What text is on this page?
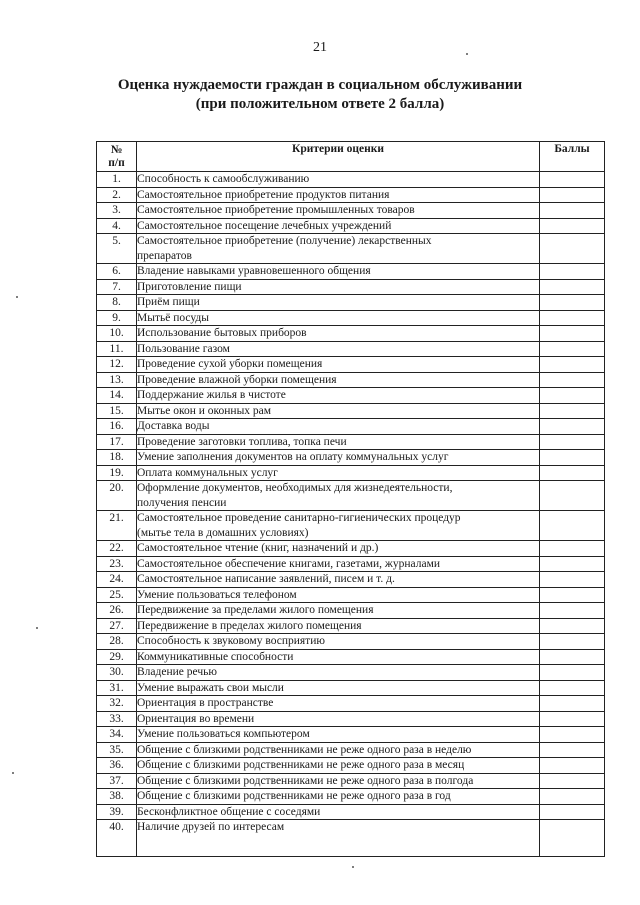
21
Оценка нуждаемости граждан в социальном обслуживании
(при положительном ответе 2 балла)
№
п/п	Критерии оценки	Баллы
1.	Способность к самообслуживанию	

2.	Самостоятельное приобретение продуктов питания	

3.	Самостоятельное приобретение промышленных товаров	

4.	Самостоятельное посещение лечебных учреждений	

5.	Самостоятельное приобретение (получение) лекарственных
препаратов	

6.	Владение навыками уравновешенного общения	

7.	Приготовление пищи	

8.	Приём пищи	

9.	Мытьё посуды	

10.	Использование бытовых приборов	

11.	Пользование газом	

12.	Проведение сухой уборки помещения	

13.	Проведение влажной уборки помещения	

14.	Поддержание жилья в чистоте	

15.	Мытье окон и оконных рам	

16.	Доставка воды	

17.	Проведение заготовки топлива, топка печи	

18.	Умение заполнения документов на оплату коммунальных услуг	

19.	Оплата коммунальных услуг	

20.	Оформление документов, необходимых для жизнедеятельности,
получения пенсии	

21.	Самостоятельное проведение санитарно-гигиенических процедур
(мытье тела в домашних условиях)	

22.	Самостоятельное чтение (книг, назначений и др.)	

23.	Самостоятельное обеспечение книгами, газетами, журналами	

24.	Самостоятельное написание заявлений, писем и т. д.	

25.	Умение пользоваться телефоном	

26.	Передвижение за пределами жилого помещения	

27.	Передвижение в пределах жилого помещения	

28.	Способность к звуковому восприятию	

29.	Коммуникативные способности	

30.	Владение речью	

31.	Умение выражать свои мысли	

32.	Ориентация в пространстве	

33.	Ориентация во времени	

34.	Умение пользоваться компьютером	

35.	Общение с близкими родственниками не реже одного раза в неделю	

36.	Общение с близкими родственниками не реже одного раза в месяц	

37.	Общение с близкими родственниками не реже одного раза в полгода	

38.	Общение с близкими родственниками не реже одного раза в год	

39.	Бесконфликтное общение с соседями	

40.	Наличие друзей по интересам	
